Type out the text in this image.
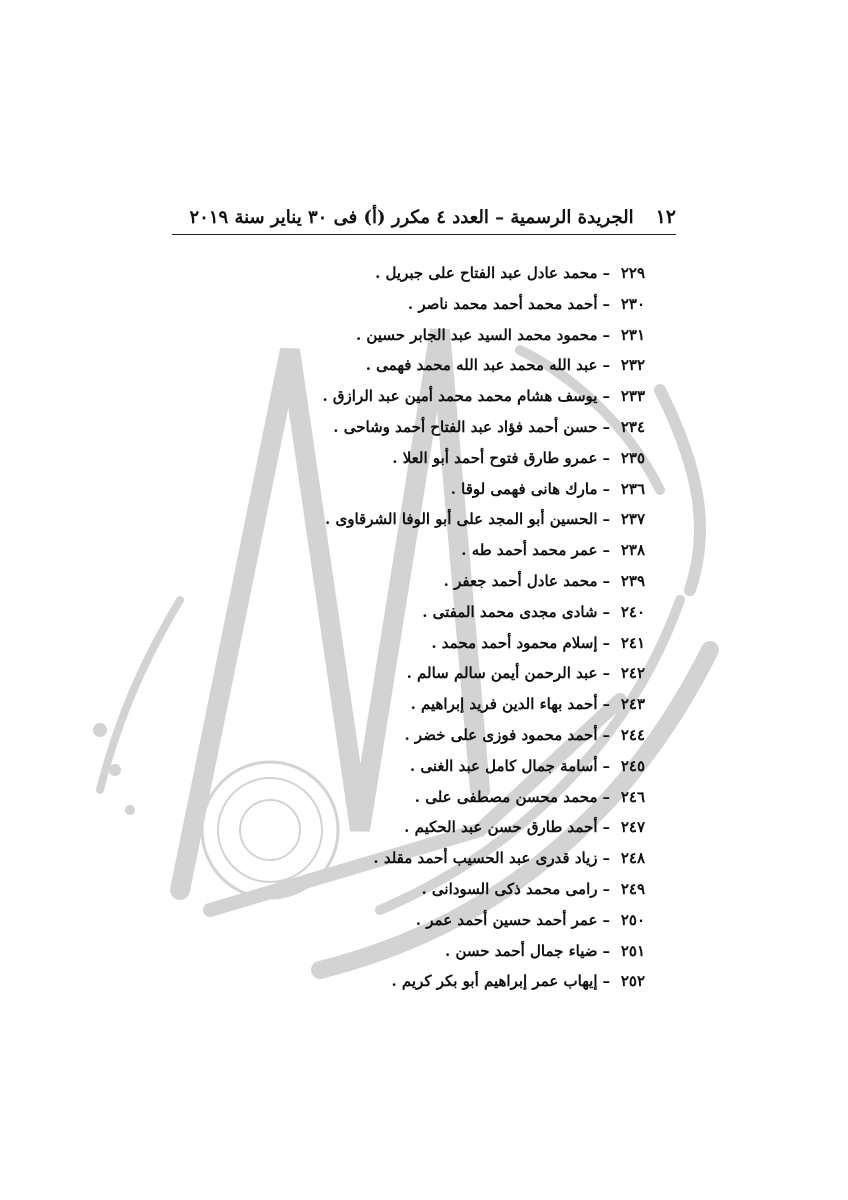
١٢
الجريدة الرسمية – العدد ٤ مكرر (أ) فى ٣٠ يناير سنة ٢٠١٩
٢٢٩–محمد عادل عبد الفتاح على جبريل .
٢٣٠–أحمد محمد أحمد محمد ناصر .
٢٣١–محمود محمد السيد عبد الجابر حسين .
٢٣٢–عبد الله محمد عبد الله محمد فهمى .
٢٣٣–يوسف هشام محمد محمد أمين عبد الرازق .
٢٣٤–حسن أحمد فؤاد عبد الفتاح أحمد وشاحى .
٢٣٥–عمرو طارق فتوح أحمد أبو العلا .
٢٣٦–مارك هانى فهمى لوقا .
٢٣٧–الحسين أبو المجد على أبو الوفا الشرقاوى .
٢٣٨–عمر محمد أحمد طه .
٢٣٩–محمد عادل أحمد جعفر .
٢٤٠–شادى مجدى محمد المفتى .
٢٤١–إسلام محمود أحمد محمد .
٢٤٢–عبد الرحمن أيمن سالم سالم .
٢٤٣–أحمد بهاء الدين فريد إبراهيم .
٢٤٤–أحمد محمود فوزى على خضر .
٢٤٥–أسامة جمال كامل عبد الغنى .
٢٤٦–محمد محسن مصطفى على .
٢٤٧–أحمد طارق حسن عبد الحكيم .
٢٤٨–زياد قدرى عبد الحسيب أحمد مقلد .
٢٤٩–رامى محمد ذكى السودانى .
٢٥٠–عمر أحمد حسين أحمد عمر .
٢٥١–ضياء جمال أحمد حسن .
٢٥٢–إيهاب عمر إبراهيم أبو بكر كريم .
